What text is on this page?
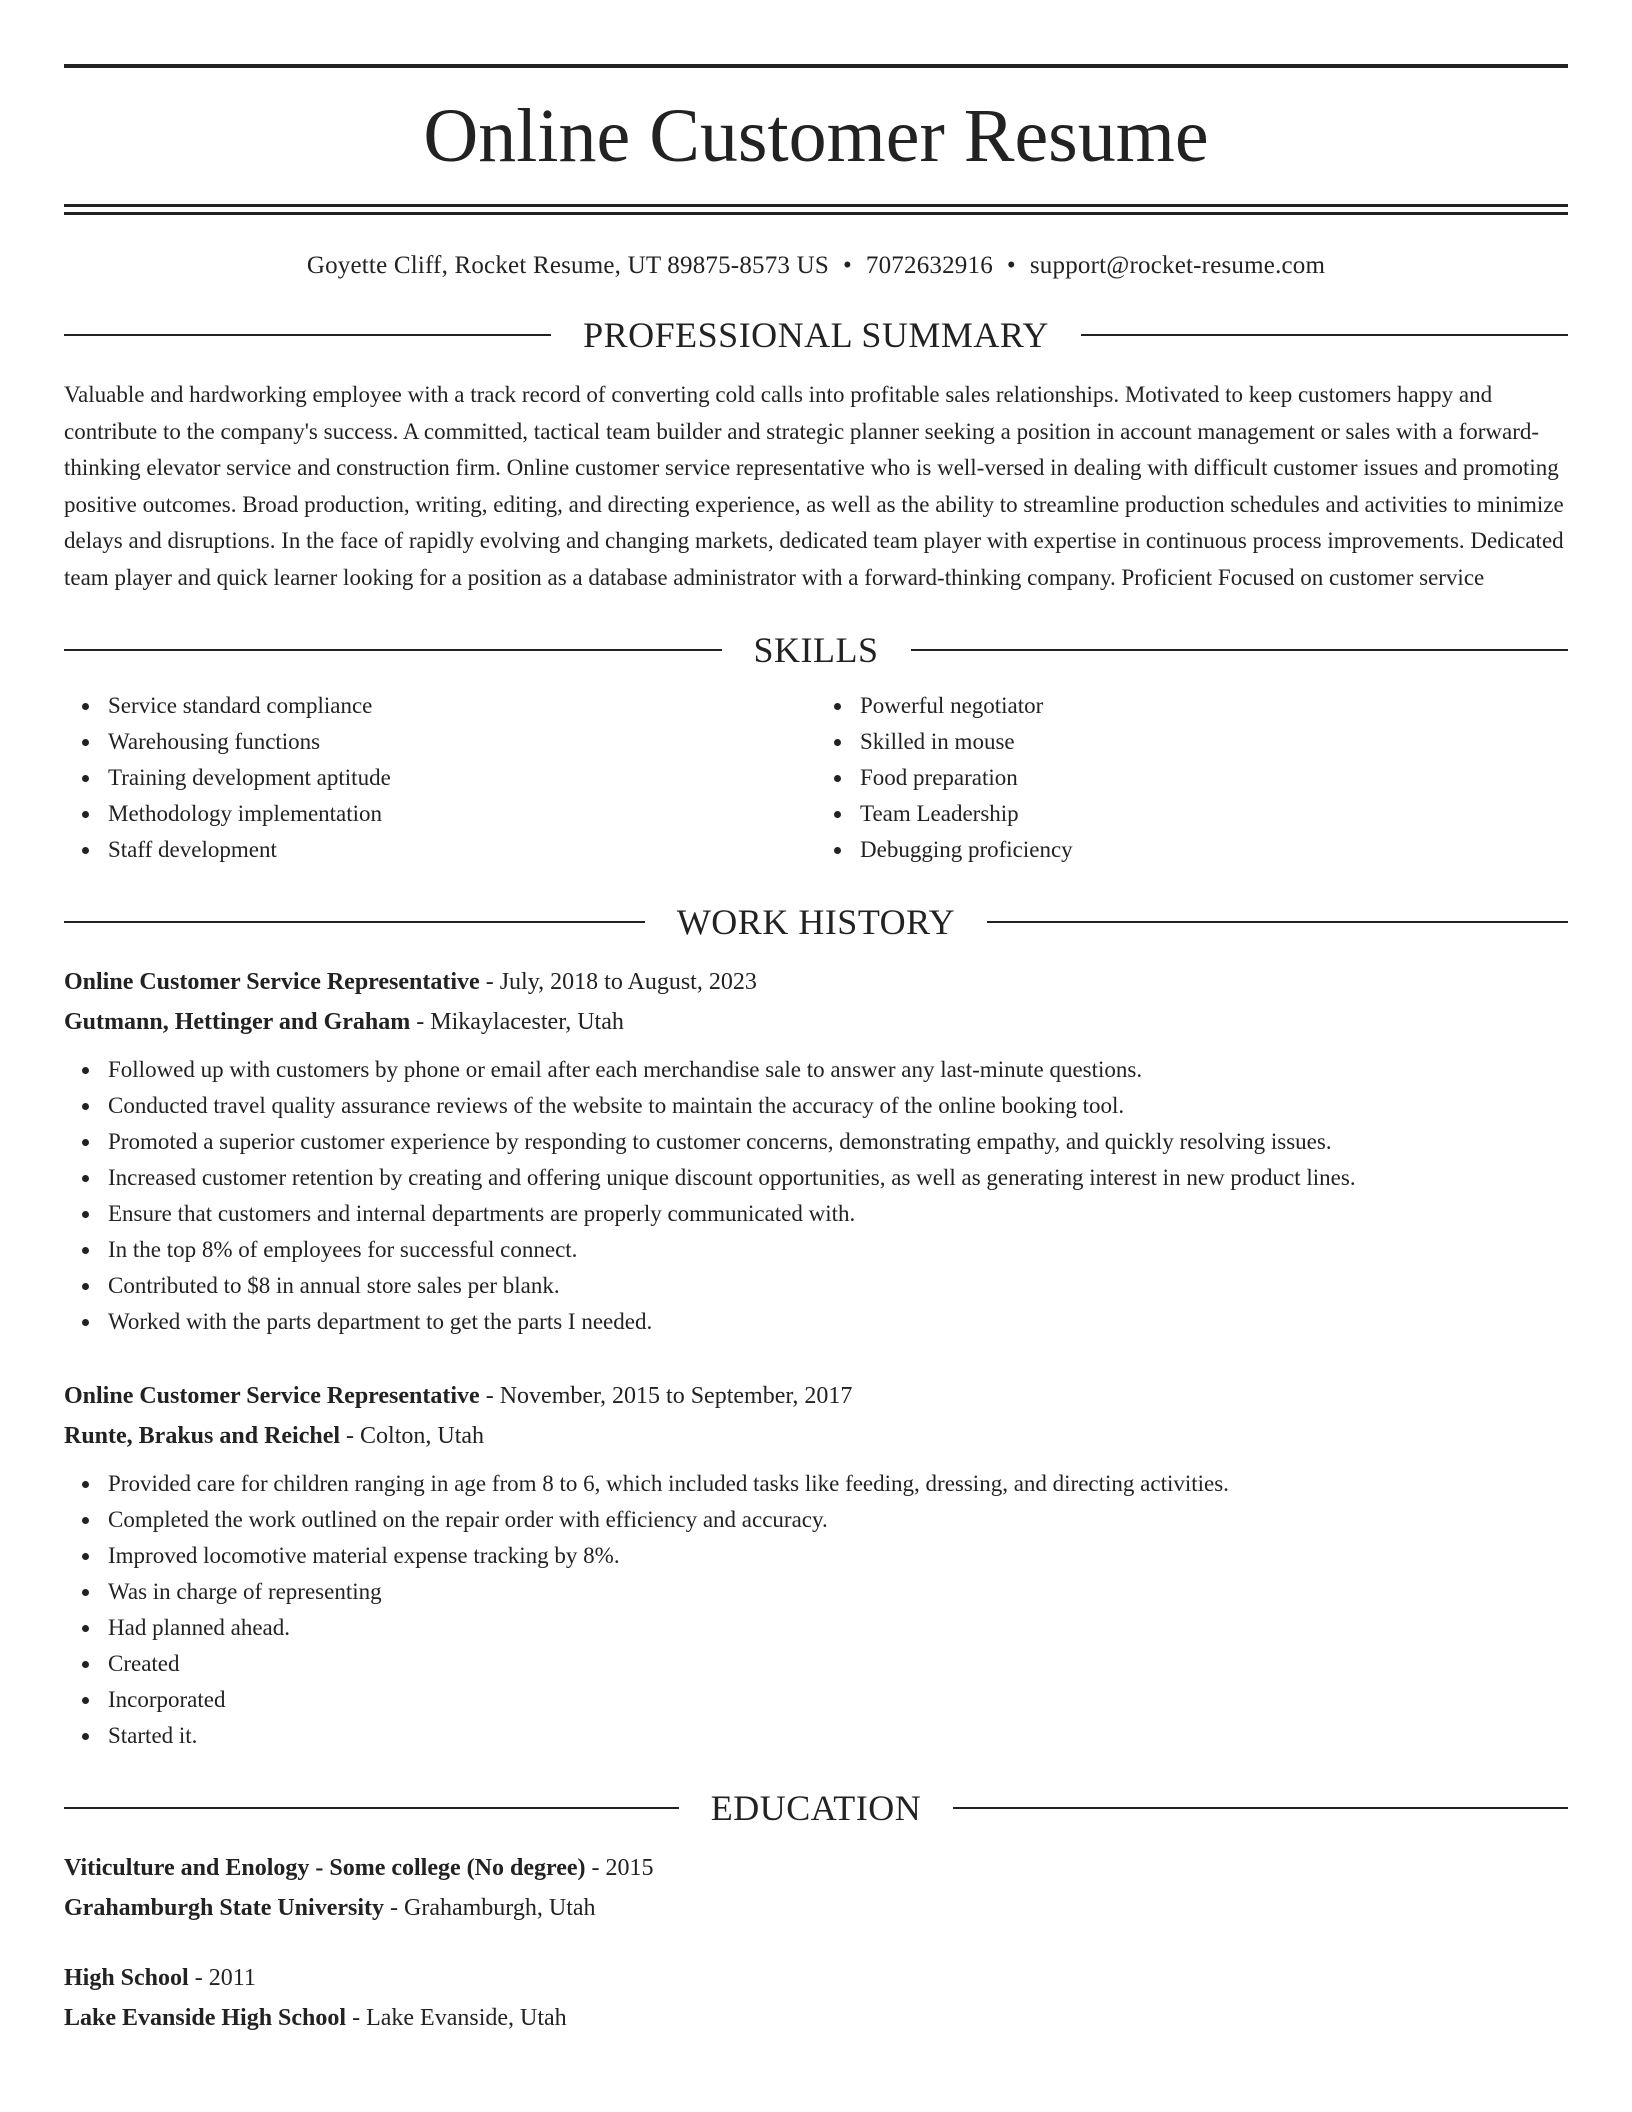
Online Customer Resume
Goyette Cliff, Rocket Resume, UT 89875-8573 US • 7072632916 • support@rocket-resume.com
PROFESSIONAL SUMMARY
Valuable and hardworking employee with a track record of converting cold calls into profitable sales relationships. Motivated to keep customers happy and contribute to the company's success. A committed, tactical team builder and strategic planner seeking a position in account management or sales with a forward-thinking elevator service and construction firm. Online customer service representative who is well-versed in dealing with difficult customer issues and promoting positive outcomes. Broad production, writing, editing, and directing experience, as well as the ability to streamline production schedules and activities to minimize delays and disruptions. In the face of rapidly evolving and changing markets, dedicated team player with expertise in continuous process improvements. Dedicated team player and quick learner looking for a position as a database administrator with a forward-thinking company. Proficient Focused on customer service
SKILLS
Service standard compliance
Warehousing functions
Training development aptitude
Methodology implementation
Staff development
Powerful negotiator
Skilled in mouse
Food preparation
Team Leadership
Debugging proficiency
WORK HISTORY
Online Customer Service Representative - July, 2018 to August, 2023
Gutmann, Hettinger and Graham - Mikaylacester, Utah
Followed up with customers by phone or email after each merchandise sale to answer any last-minute questions.
Conducted travel quality assurance reviews of the website to maintain the accuracy of the online booking tool.
Promoted a superior customer experience by responding to customer concerns, demonstrating empathy, and quickly resolving issues.
Increased customer retention by creating and offering unique discount opportunities, as well as generating interest in new product lines.
Ensure that customers and internal departments are properly communicated with.
In the top 8% of employees for successful connect.
Contributed to $8 in annual store sales per blank.
Worked with the parts department to get the parts I needed.
Online Customer Service Representative - November, 2015 to September, 2017
Runte, Brakus and Reichel - Colton, Utah
Provided care for children ranging in age from 8 to 6, which included tasks like feeding, dressing, and directing activities.
Completed the work outlined on the repair order with efficiency and accuracy.
Improved locomotive material expense tracking by 8%.
Was in charge of representing
Had planned ahead.
Created
Incorporated
Started it.
EDUCATION
Viticulture and Enology - Some college (No degree) - 2015
Grahamburgh State University - Grahamburgh, Utah
High School - 2011
Lake Evanside High School - Lake Evanside, Utah
